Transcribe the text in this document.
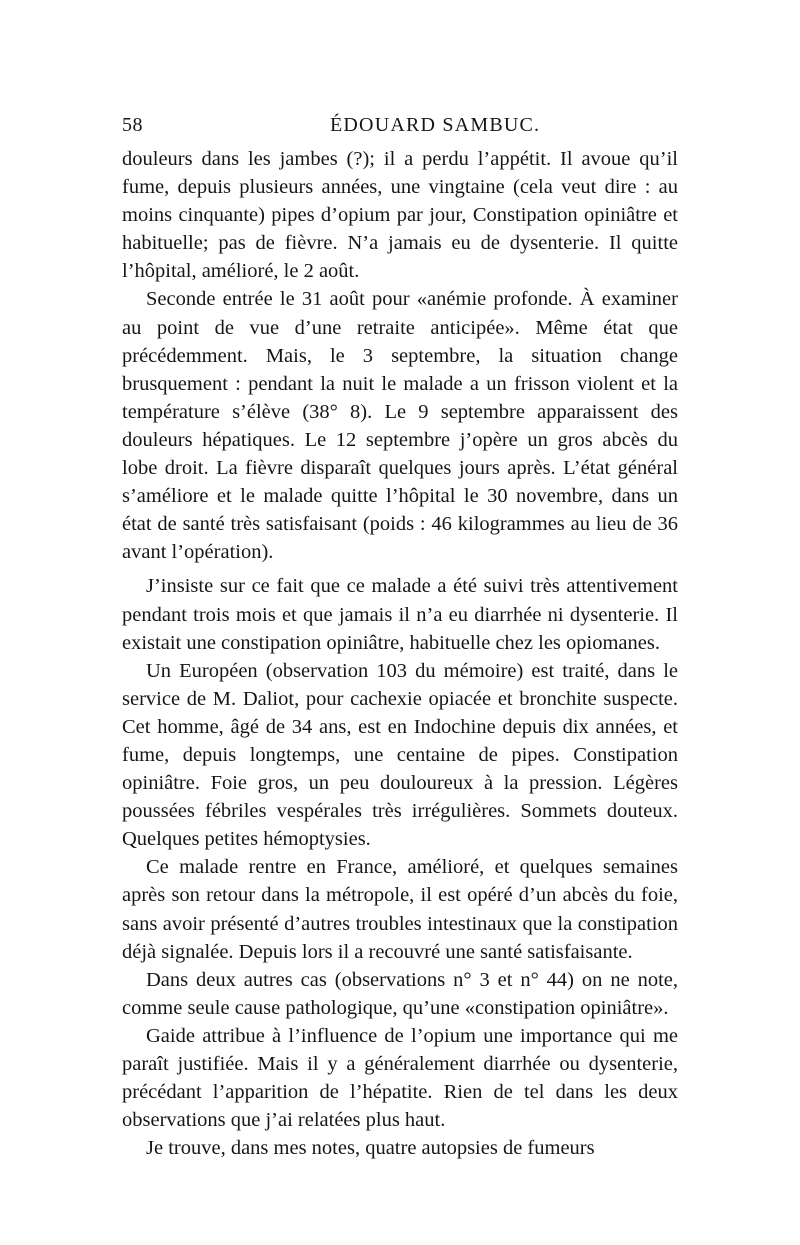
58	ÉDOUARD SAMBUC.

douleurs dans les jambes (?); il a perdu l’appétit. Il avoue qu’il fume, depuis plusieurs années, une vingtaine (cela veut dire : au moins cinquante) pipes d’opium par jour, Constipation opiniâtre et habituelle; pas de fièvre. N’a jamais eu de dysenterie. Il quitte l’hôpital, amélioré, le 2 août.

Seconde entrée le 31 août pour «anémie profonde. À examiner au point de vue d’une retraite anticipée». Même état que précédemment. Mais, le 3 septembre, la situation change brusquement : pendant la nuit le malade a un frisson violent et la température s’élève (38° 8). Le 9 septembre apparaissent des douleurs hépatiques. Le 12 septembre j’opère un gros abcès du lobe droit. La fièvre disparaît quelques jours après. L’état général s’améliore et le malade quitte l’hôpital le 30 novembre, dans un état de santé très satisfaisant (poids : 46 kilogrammes au lieu de 36 avant l’opération).

J’insiste sur ce fait que ce malade a été suivi très attentivement pendant trois mois et que jamais il n’a eu diarrhée ni dysenterie. Il existait une constipation opiniâtre, habituelle chez les opiomanes.

Un Européen (observation 103 du mémoire) est traité, dans le service de M. Daliot, pour cachexie opiacée et bronchite suspecte. Cet homme, âgé de 34 ans, est en Indochine depuis dix années, et fume, depuis longtemps, une centaine de pipes. Constipation opiniâtre. Foie gros, un peu douloureux à la pression. Légères poussées fébriles vespérales très irrégulières. Sommets douteux. Quelques petites hémoptysies.

Ce malade rentre en France, amélioré, et quelques semaines après son retour dans la métropole, il est opéré d’un abcès du foie, sans avoir présenté d’autres troubles intestinaux que la constipation déjà signalée. Depuis lors il a recouvré une santé satisfaisante.

Dans deux autres cas (observations n° 3 et n° 44) on ne note, comme seule cause pathologique, qu’une «constipation opiniâtre».

Gaide attribue à l’influence de l’opium une importance qui me paraît justifiée. Mais il y a généralement diarrhée ou dysenterie, précédant l’apparition de l’hépatite. Rien de tel dans les deux observations que j’ai relatées plus haut.

Je trouve, dans mes notes, quatre autopsies de fumeurs
